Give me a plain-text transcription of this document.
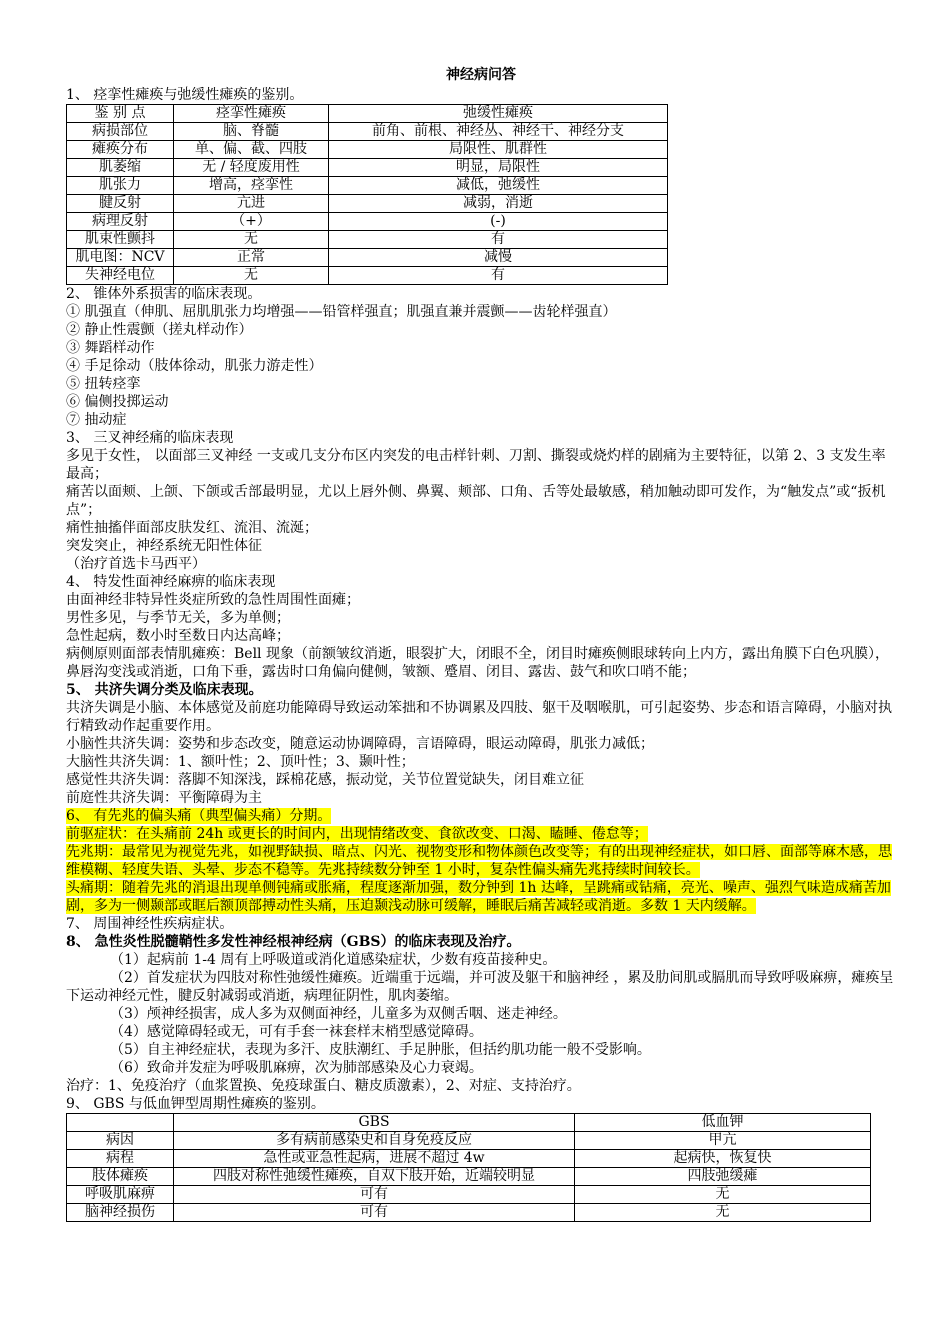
神经病问答
1、 痉挛性瘫痪与弛缓性瘫痪的鉴别。
鉴 别 点	痉挛性瘫痪	弛缓性瘫痪
病损部位	脑、脊髓	前角、前根、神经丛、神经干、神经分支
瘫痪分布	单、偏、截、四肢	局限性、肌群性
肌萎缩	无 / 轻度废用性	明显，局限性
肌张力	增高，痉挛性	减低，弛缓性
腱反射	亢进	减弱，消逝
病理反射	（+）	(-)
肌束性颤抖	无	有
肌电图：NCV	正常	减慢
失神经电位	无	有
2、 锥体外系损害的临床表现。
① 肌强直（伸肌、屈肌肌张力均增强——铅管样强直；肌强直兼并震颤——齿轮样强直）
② 静止性震颤（搓丸样动作）
③ 舞蹈样动作
④ 手足徐动（肢体徐动，肌张力游走性）
⑤ 扭转痉挛
⑥ 偏侧投掷运动
⑦ 抽动症
3、 三叉神经痛的临床表现
多见于女性， 以面部三叉神经 一支或几支分布区内突发的电击样针刺、刀割、撕裂或烧灼样的剧痛为主要特征，以第 2、3 支发生率最高；
痛苦以面颊、上颌、下颌或舌部最明显，尤以上唇外侧、鼻翼、颊部、口角、舌等处最敏感，稍加触动即可发作，为“触发点”或“扳机点”；
痛性抽搐伴面部皮肤发红、流泪、流涎；
突发突止，神经系统无阳性体征
（治疗首选卡马西平）
4、 特发性面神经麻痹的临床表现
由面神经非特异性炎症所致的急性周围性面瘫；
男性多见，与季节无关，多为单侧；
急性起病，数小时至数日内达高峰；
病侧原则面部表情肌瘫痪：Bell 现象（前额皱纹消逝，眼裂扩大，闭眼不全，闭目时瘫痪侧眼球转向上内方，露出角膜下白色巩膜），鼻唇沟变浅或消逝，口角下垂，露齿时口角偏向健侧，皱额、蹙眉、闭目、露齿、鼓气和吹口哨不能；
5、 共济失调分类及临床表现。
共济失调是小脑、本体感觉及前庭功能障碍导致运动笨拙和不协调累及四肢、躯干及咽喉肌，可引起姿势、步态和语言障碍，小脑对执行精致动作起重要作用。
小脑性共济失调：姿势和步态改变，随意运动协调障碍，言语障碍，眼运动障碍，肌张力减低；
大脑性共济失调：1、额叶性；2、顶叶性；3、颞叶性；
感觉性共济失调：落脚不知深浅，踩棉花感，振动觉，关节位置觉缺失，闭目难立征
前庭性共济失调：平衡障碍为主
6、 有先兆的偏头痛（典型偏头痛）分期。
前驱症状：在头痛前 24h 或更长的时间内，出现情绪改变、食欲改变、口渴、瞌睡、倦怠等；
先兆期：最常见为视觉先兆，如视野缺损、暗点、闪光、视物变形和物体颜色改变等；有的出现神经症状，如口唇、面部等麻木感，思维模糊、轻度失语、头晕、步态不稳等。先兆持续数分钟至 1 小时，复杂性偏头痛先兆持续时间较长。
头痛期：随着先兆的消退出现单侧钝痛或胀痛，程度逐渐加强，数分钟到 1h 达峰，呈跳痛或钻痛，亮光、噪声、强烈气味造成痛苦加剧，多为一侧颞部或眶后额顶部搏动性头痛，压迫颞浅动脉可缓解，睡眠后痛苦减轻或消逝。多数 1 天内缓解。
7、 周围神经性疾病症状。
8、 急性炎性脱髓鞘性多发性神经根神经病（GBS）的临床表现及治疗。
（1）起病前 1-4 周有上呼吸道或消化道感染症状，少数有疫苗接种史。
（2）首发症状为四肢对称性弛缓性瘫痪。近端重于远端，并可波及躯干和脑神经 ，累及肋间肌或膈肌而导致呼吸麻痹，瘫痪呈下运动神经元性，腱反射减弱或消逝，病理征阴性，肌肉萎缩。
（3）颅神经损害，成人多为双侧面神经，儿童多为双侧舌咽、迷走神经。
（4）感觉障碍轻或无，可有手套一袜套样末梢型感觉障碍。
（5）自主神经症状，表现为多汗、皮肤潮红、手足肿胀，但括约肌功能一般不受影响。
（6）致命并发症为呼吸肌麻痹，次为肺部感染及心力衰竭。
治疗：1、免疫治疗（血浆置换、免疫球蛋白、糖皮质激素），2、对症、支持治疗。
9、 GBS 与低血钾型周期性瘫痪的鉴别。
	GBS	低血钾
病因	多有病前感染史和自身免疫反应	甲亢
病程	急性或亚急性起病，进展不超过 4w	起病快，恢复快
肢体瘫痪	四肢对称性弛缓性瘫痪，自双下肢开始，近端较明显	四肢弛缓瘫
呼吸肌麻痹	可有	无
脑神经损伤	可有	无
